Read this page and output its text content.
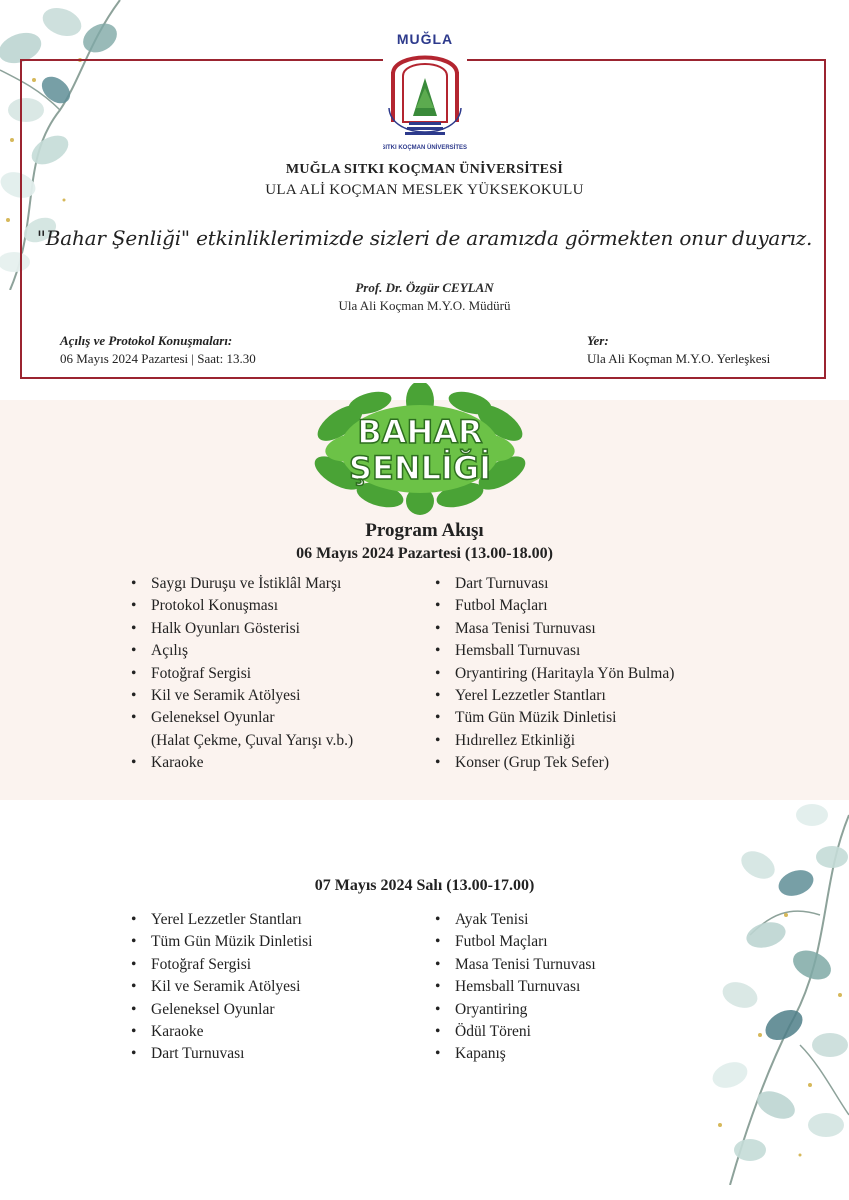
MUĞLA
SITKI KOÇMAN ÜNİVERSİTESİ
MUĞLA SITKI KOÇMAN ÜNİVERSİTESİ
ULA ALİ KOÇMAN MESLEK YÜKSEKOKULU
"Bahar Şenliği" etkinliklerimizde sizleri de aramızda görmekten onur duyarız.
Prof. Dr. Özgür CEYLAN
Ula Ali Koçman M.Y.O. Müdürü
Açılış ve Protokol Konuşmaları:
06 Mayıs 2024 Pazartesi | Saat: 13.30
Yer:
Ula Ali Koçman M.Y.O. Yerleşkesi
BAHAR
ŞENLİĞİ
Program Akışı
06 Mayıs 2024 Pazartesi (13.00-18.00)
• Saygı Duruşu ve İstiklâl Marşı
• Protokol Konuşması
• Halk Oyunları Gösterisi
• Açılış
• Fotoğraf Sergisi
• Kil ve Seramik Atölyesi
• Geleneksel Oyunlar
(Halat Çekme, Çuval Yarışı v.b.)
• Karaoke
• Dart Turnuvası
• Futbol Maçları
• Masa Tenisi Turnuvası
• Hemsball Turnuvası
• Oryantiring (Haritayla Yön Bulma)
• Yerel Lezzetler Stantları
• Tüm Gün Müzik Dinletisi
• Hıdırellez Etkinliği
• Konser (Grup Tek Sefer)
07 Mayıs 2024 Salı (13.00-17.00)
• Yerel Lezzetler Stantları
• Tüm Gün Müzik Dinletisi
• Fotoğraf Sergisi
• Kil ve Seramik Atölyesi
• Geleneksel Oyunlar
• Karaoke
• Dart Turnuvası
• Ayak Tenisi
• Futbol Maçları
• Masa Tenisi Turnuvası
• Hemsball Turnuvası
• Oryantiring
• Ödül Töreni
• Kapanış
